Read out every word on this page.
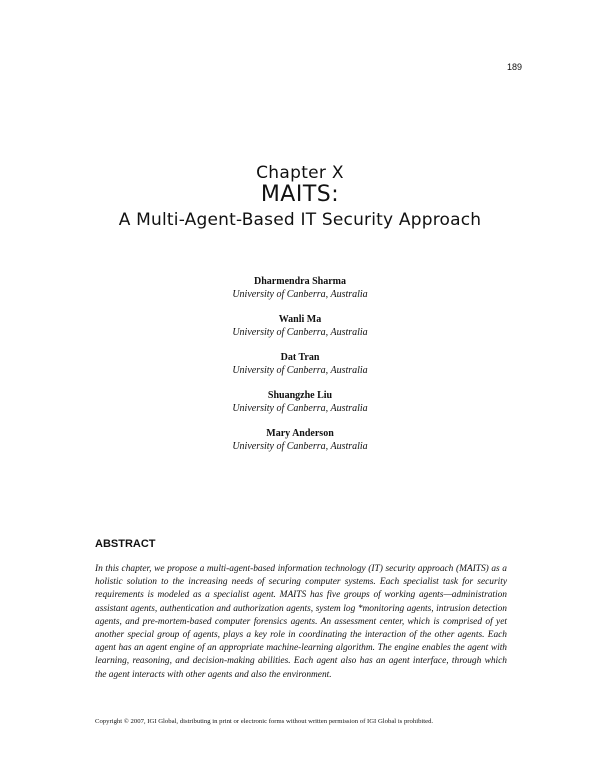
189
Chapter X
MAITS:
A Multi-Agent-Based IT Security Approach
Dharmendra Sharma
University of Canberra, Australia
Wanli Ma
University of Canberra, Australia
Dat Tran
University of Canberra, Australia
Shuangzhe Liu
University of Canberra, Australia
Mary Anderson
University of Canberra, Australia
ABSTRACT
In this chapter, we propose a multi-agent-based information technology (IT) security approach (MAITS) as a holistic solution to the increasing needs of securing computer systems. Each specialist task for security requirements is modeled as a specialist agent. MAITS has five groups of working agents—administration assistant agents, authentication and authorization agents, system log *monitoring agents, intrusion detection agents, and pre-mortem-based computer forensics agents. An assessment center, which is comprised of yet another special group of agents, plays a key role in coordinating the interaction of the other agents. Each agent has an agent engine of an appropriate machine-learning algorithm. The engine enables the agent with learning, reasoning, and decision-making abilities. Each agent also has an agent interface, through which the agent interacts with other agents and also the environment.
Copyright © 2007, IGI Global, distributing in print or electronic forms without written permission of IGI Global is prohibited.
